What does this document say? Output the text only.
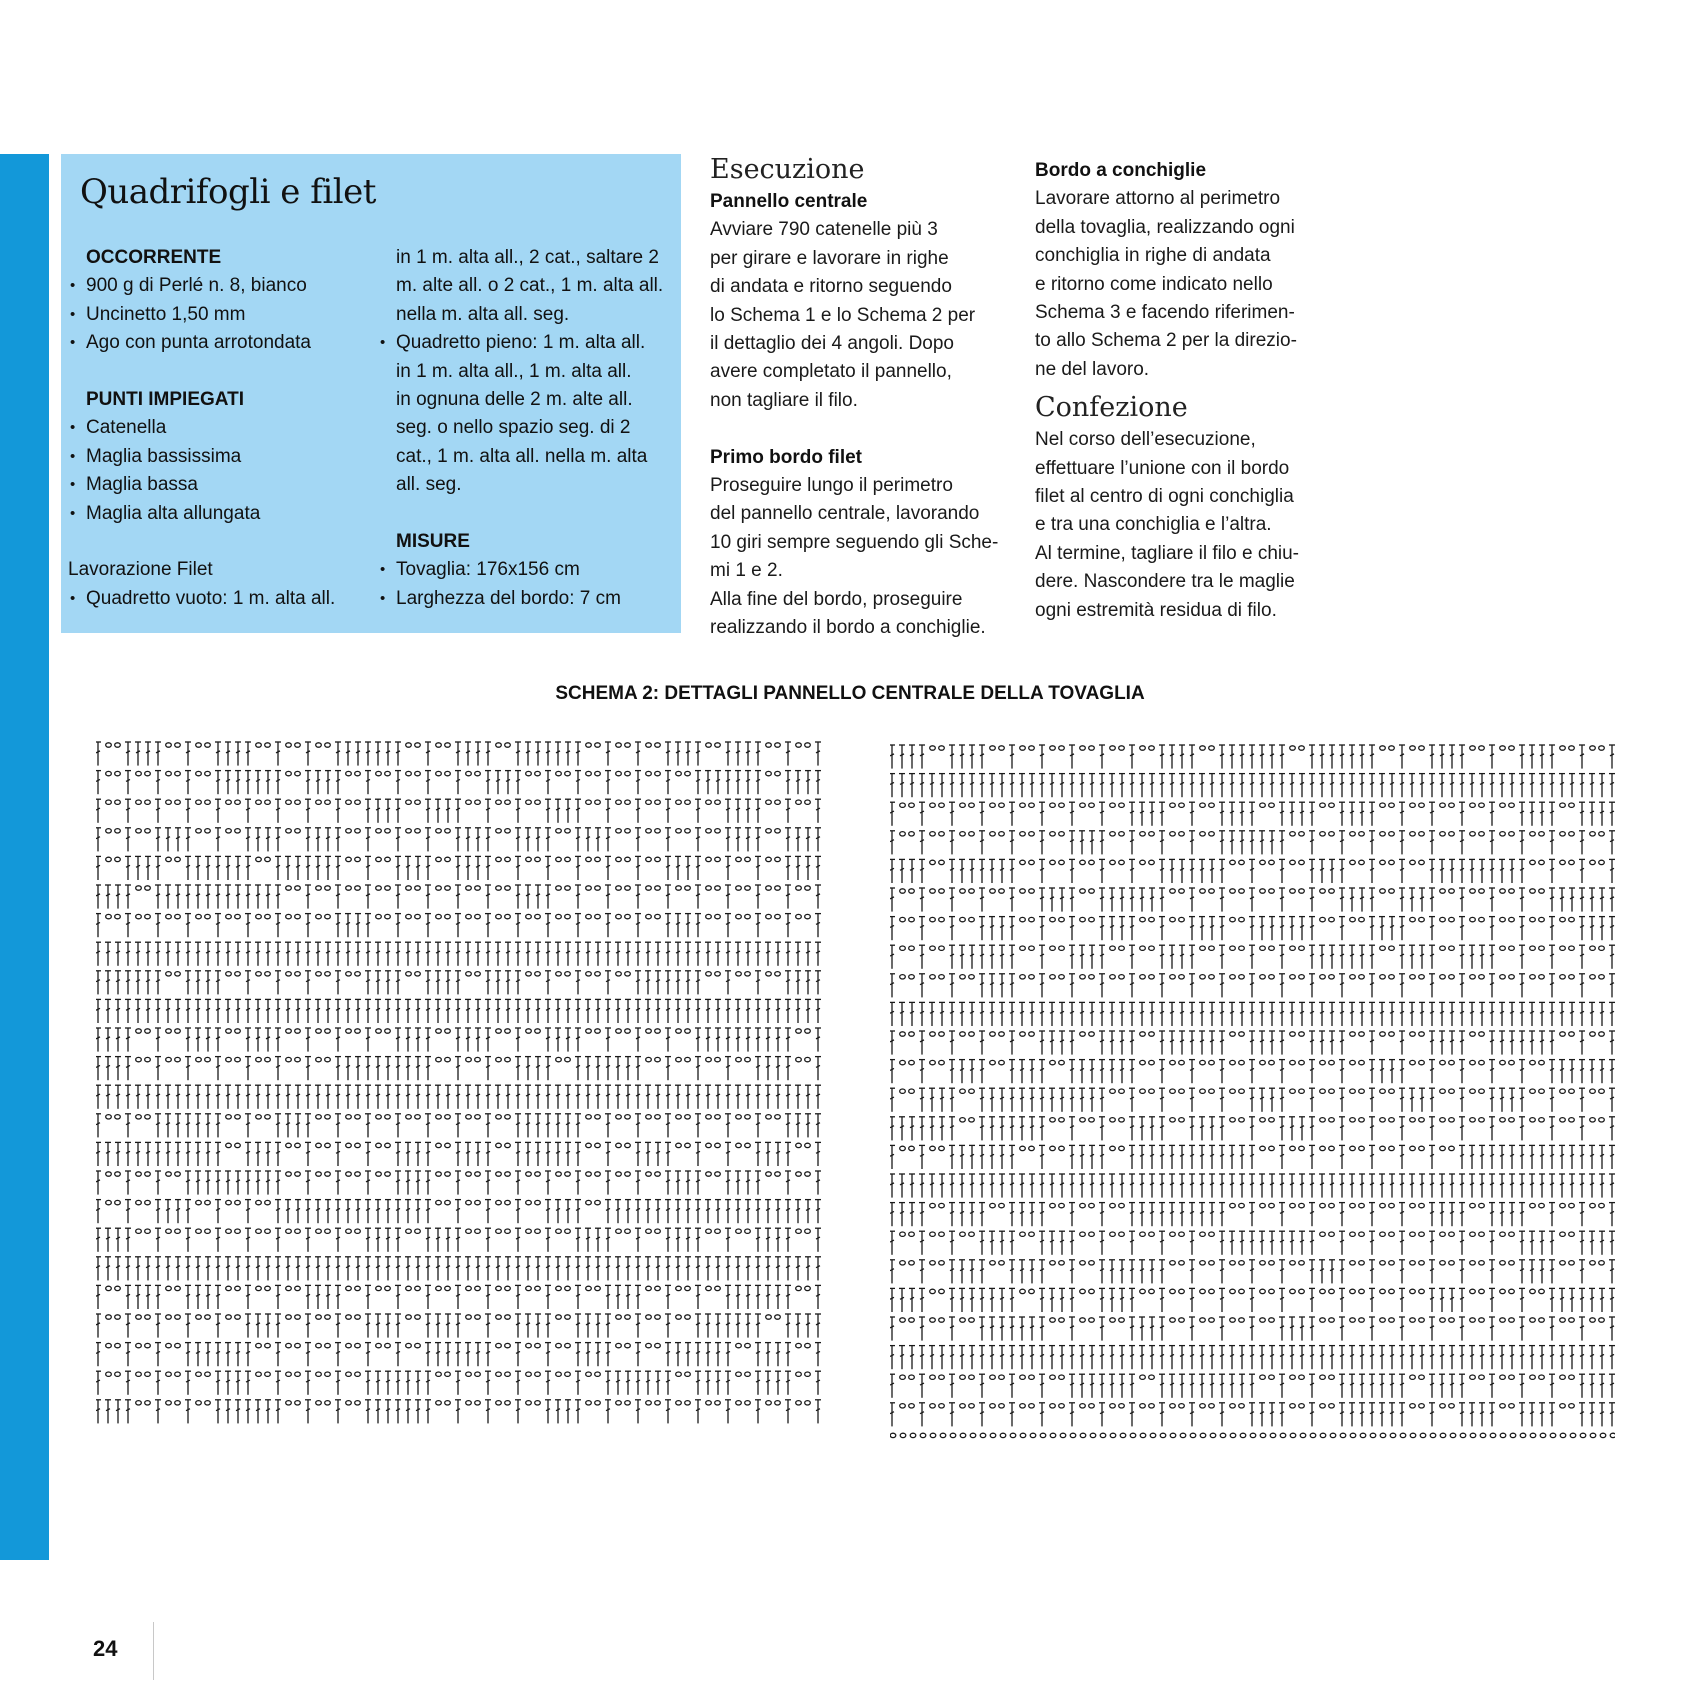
Quadrifogli e filet
OCCORRENTE
• 900 g di Perlé n. 8, bianco
• Uncinetto 1,50 mm
• Ago con punta arrotondata
PUNTI IMPIEGATI
• Catenella
• Maglia bassissima
• Maglia bassa
• Maglia alta allungata
Lavorazione Filet
• Quadretto vuoto: 1 m. alta all.
in 1 m. alta all., 2 cat., saltare 2
m. alte all. o 2 cat., 1 m. alta all.
nella m. alta all. seg.
• Quadretto pieno: 1 m. alta all.
in 1 m. alta all., 1 m. alta all.
in ognuna delle 2 m. alte all.
seg. o nello spazio seg. di 2
cat., 1 m. alta all. nella m. alta
all. seg.
MISURE
• Tovaglia: 176x156 cm
• Larghezza del bordo: 7 cm
Esecuzione

Pannello centrale

Avviare 790 catenelle più 3

per girare e lavorare in righe

di andata e ritorno seguendo

lo Schema 1 e lo Schema 2 per

il dettaglio dei 4 angoli. Dopo

avere completato il pannello,

non tagliare il filo.

Primo bordo filet

Proseguire lungo il perimetro

del pannello centrale, lavorando

10 giri sempre seguendo gli Sche-

mi 1 e 2.

Alla fine del bordo, proseguire

realizzando il bordo a conchiglie.

Bordo a conchiglie

Lavorare attorno al perimetro

della tovaglia, realizzando ogni

conchiglia in righe di andata

e ritorno come indicato nello

Schema 3 e facendo riferimen-

to allo Schema 2 per la direzio-

ne del lavoro.

Confezione

Nel corso dell’esecuzione,

effettuare l’unione con il bordo

filet al centro di ogni conchiglia

e tra una conchiglia e l’altra.

Al termine, tagliare il filo e chiu-

dere. Nascondere tra le maglie

ogni estremità residua di filo.

SCHEMA 2: DETTAGLI PANNELLO CENTRALE DELLA TOVAGLIA

24
